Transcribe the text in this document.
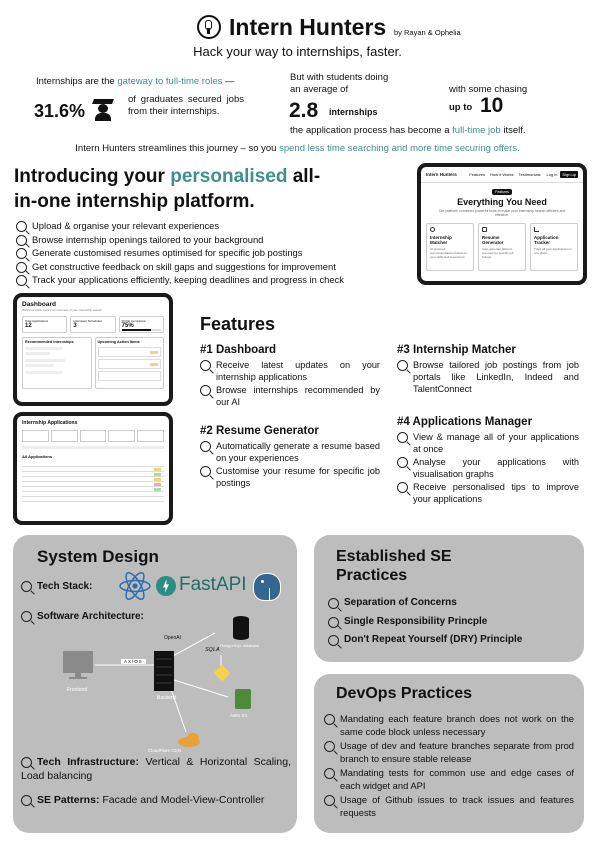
Intern Hunters by Rayan & Ophelia
Hack your way to internships, faster.
Internships are the gateway to full-time roles —
31.6%
of graduates secured jobs from their internships.
But with students doing an average of
2.8 internships
with some chasing
up to 10
the application process has become a full-time job itself.
Intern Hunters streamlines this journey – so you spend less time searching and more time securing offers.
Introducing your personalised all-in-one internship platform.
Upload & organise your relevant experiences
Browse internship openings tailored to your background
Generate customised resumes optimised for specific job postings
Get constructive feedback on skill gaps and suggestions for improvement
Track your applications efficiently, keeping deadlines and progress in check
Intern Hunters	Features How it Works Testimonials Log in	Sign up
Features
Everything You Need
Our platform combines powerful tools to make your internship search efficient and effective.
Internship Matcher
AI-powered recommendations based on your skills and experience.
Resume Generator
Auto-generate tailored resumes for specific job listings.
Application Tracker
Track all your applications in one place.
Dashboard
Welcome back, here's an overview of your internship search
Total Applications
12
Interviews Scheduled
3
Profile Completion
75%
Recommended Internships	Upcoming Action Items
Internship Applications
All Applications
Features
#1 Dashboard
Receive latest updates on your internship applications
Browse internships recommended by our AI
#2 Resume Generator
Automatically generate a resume based on your experiences
Customise your resume for specific job postings
#3 Internship Matcher
Browse tailored job postings from job portals like LinkedIn, Indeed and TalentConnect
#4 Applications Manager
View & manage all of your applications at once
Analyse your applications with visualisation graphs
Receive personalised tips to improve your applications
System Design
Tech Stack:	FastAPI
Software Architecture:
Frontend
AXIOS
OpenAI
SQLA
PostgreSQL database
Backend
AWS S3
CloudFlare CDN
Tech Infrastructure: Vertical & Horizontal Scaling, Load balancing
SE Patterns: Facade and Model-View-Controller
Established SE Practices
Separation of Concerns
Single Responsibility Princple
Don't Repeat Yourself (DRY) Principle
DevOps Practices
Mandating each feature branch does not work on the same code block unless necessary
Usage of dev and feature branches separate from prod branch to ensure stable release
Mandating tests for common use and edge cases of each widget and API
Usage of Github issues to track issues and features requests
